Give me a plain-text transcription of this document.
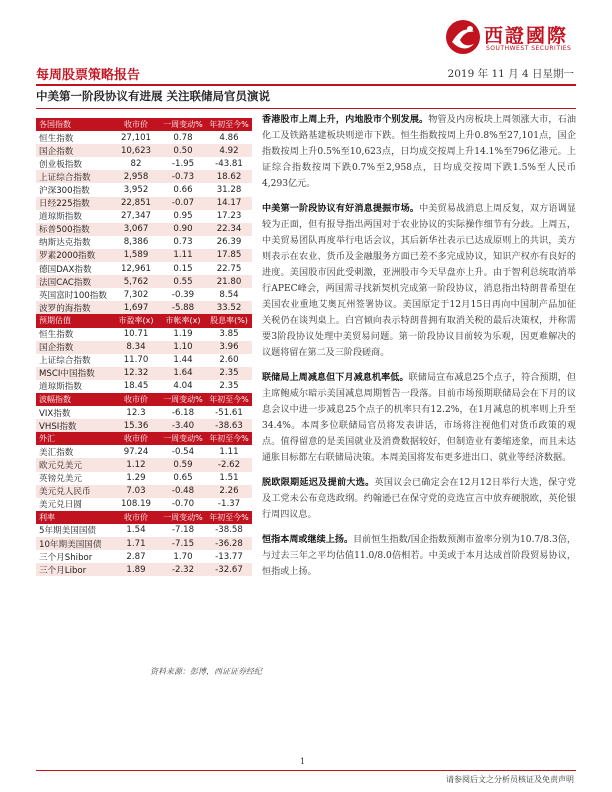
西證國際
SOUTHWEST SECURITIES
每周股票策略报告	2019 年 11 月 4 日星期一
中美第一阶段协议有进展 关注联储局官员演说
各国指数	收市价	一周变动%	年初至今%
恒生指数	27,101	0.78	4.86
国企指数	10,623	0.50	4.92
创业板指数	82	-1.95	-43.81
上证综合指数	2,958	-0.73	18.62
沪深300指数	3,952	0.66	31.28
日经225指数	22,851	-0.07	14.17
道琼斯指数	27,347	0.95	17.23
标普500指数	3,067	0.90	22.34
纳斯达克指数	8,386	0.73	26.39
罗素2000指数	1,589	1.11	17.85
德国DAX指数	12,961	0.15	22.75
法国CAC指数	5,762	0.55	21.80
英国富时100指数	7,302	-0.39	8.54
波罗的海指数	1,697	-5.88	33.52
预期估值	市盈率(x)	市帐率(x)	股息率(%)
恒生指数	10.71	1.19	3.85
国企指数	8.34	1.10	3.96
上证综合指数	11.70	1.44	2.60
MSCI中国指数	12.32	1.64	2.35
道琼斯指数	18.45	4.04	2.35
波幅指数	收市价	一周变动%	年初至今%
VIX指数	12.3	-6.18	-51.61
VHSI指数	15.36	-3.40	-38.63
外汇	收市价	一周变动%	年初至今%
美汇指数	97.24	-0.54	1.11
欧元兑美元	1.12	0.59	-2.62
英镑兑美元	1.29	0.65	1.51
美元兑人民币	7.03	-0.48	2.26
美元兑日圆	108.19	-0.70	-1.37
利率	收市价	一周变动%	年初至今%
5年期美国国债	1.54	-7.18	-38.58
10年期美国国债	1.71	-7.15	-36.28
三个月Shibor	2.87	1.70	-13.77
三个月Libor	1.89	-2.32	-32.67
资料来源：彭博，西证证券经纪
香港股市上周上升，内地股市个别发展。物管及内房板块上周领涨大市，石油化工及铁路基建板块则逆市下跌。恒生指数按周上升0.8%至27,101点，国企指数按周上升0.5%至10,623点，日均成交按周上升14.1%至796亿港元。上证综合指数按周下跌0.7%至2,958点，日均成交按周下跌1.5%至人民币4,293亿元。
中美第一阶段协议有好消息提振市场。中美贸易战消息上周反复，双方语调显较为正面，但有报导指出两国对于农业协议的实际操作细节有分歧。上周五，中美贸易团队再度举行电话会议，其后新华社表示已达成原则上的共识，美方则表示在农业、货币及金融服务方面已差不多完成协议，知识产权亦有良好的进度。美国股市因此受刺激，亚洲股市今天早盘亦上升。由于智利总统取消举行APEC峰会，两国需寻找新契机完成第一阶段协议，消息指出特朗普希望在美国农业重地艾奥瓦州签署协议。美国原定于12月15日再向中国制产品加征关税仍在谈判桌上。白宫倾向表示特朗普拥有取消关税的最后决策权，并称需要3阶段协议处理中美贸易问题。第一阶段协议目前较为乐观，因更难解决的议题将留在第二及三阶段磋商。
联储局上周减息但下月减息机率低。联储局宣布减息25个点子，符合预期，但主席鲍威尔暗示美国减息周期暂告一段落。目前市场预期联储局会在下月的议息会议中进一步减息25个点子的机率只有12.2%，在1月减息的机率则上升至34.4%。本周多位联储局官员将发表讲话，市场将注视他们对货币政策的观点。值得留意的是美国就业及消费数据较好，但制造业有萎缩迹象，而且未达通胀目标都左右联储局决策。本周美国将发布更多进出口、就业等经济数据。
脱欧限期延迟及提前大选。英国议会已确定会在12月12日举行大选，保守党及工党未公布竞选政纲。约翰逊已在保守党的竞选宣言中放弃硬脱欧，英伦银行周四议息。
恒指本周或继续上扬。目前恒生指数/国企指数预测市盈率分别为10.7/8.3倍，与过去三年之平均估值11.0/8.0倍相若。中美或于本月达成首阶段贸易协议，恒指或上扬。
1
请参阅后文之分析员核证及免责声明
